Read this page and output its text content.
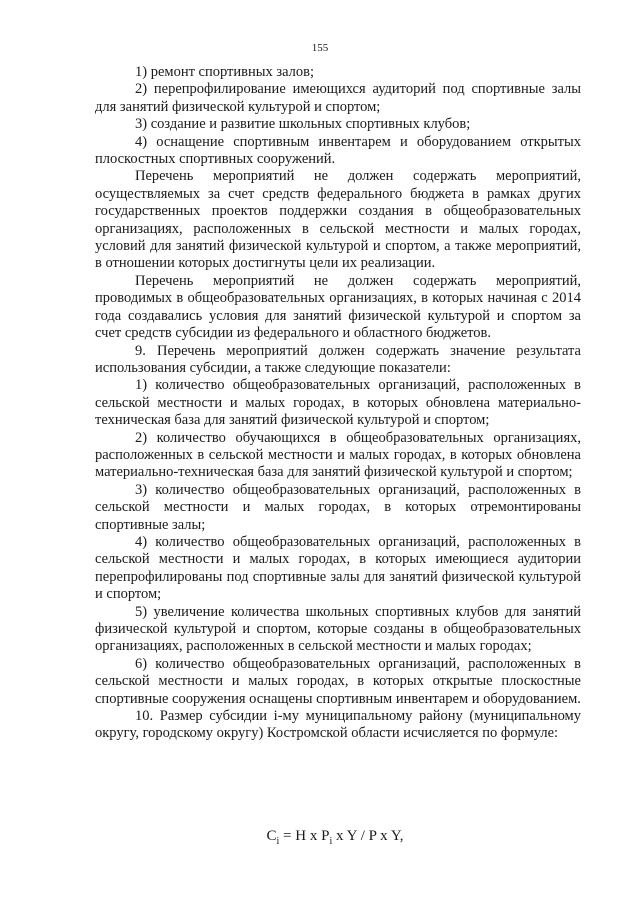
155

1) ремонт спортивных залов;

2) перепрофилирование имеющихся аудиторий под спортивные залы для занятий физической культурой и спортом;

3) создание и развитие школьных спортивных клубов;

4) оснащение спортивным инвентарем и оборудованием открытых плоскостных спортивных сооружений.

Перечень мероприятий не должен содержать мероприятий, осуществляемых за счет средств федерального бюджета в рамках других государственных проектов поддержки создания в общеобразовательных организациях, расположенных в сельской местности и малых городах, условий для занятий физической культурой и спортом, а также мероприятий, в отношении которых достигнуты цели их реализации.

Перечень мероприятий не должен содержать мероприятий, проводимых в общеобразовательных организациях, в которых начиная с 2014 года создавались условия для занятий физической культурой и спортом за счет средств субсидии из федерального и областного бюджетов.

9. Перечень мероприятий должен содержать значение результата использования субсидии, а также следующие показатели:

1) количество общеобразовательных организаций, расположенных в сельской местности и малых городах, в которых обновлена материально-техническая база для занятий физической культурой и спортом;

2) количество обучающихся в общеобразовательных организациях, расположенных в сельской местности и малых городах, в которых обновлена материально-техническая база для занятий физической культурой и спортом;

3) количество общеобразовательных организаций, расположенных в сельской местности и малых городах, в которых отремонтированы спортивные залы;

4) количество общеобразовательных организаций, расположенных в сельской местности и малых городах, в которых имеющиеся аудитории перепрофилированы под спортивные залы для занятий физической культурой и спортом;

5) увеличение количества школьных спортивных клубов для занятий физической культурой и спортом, которые созданы в общеобразовательных организациях, расположенных в сельской местности и малых городах;

6) количество общеобразовательных организаций, расположенных в сельской местности и малых городах, в которых открытые плоскостные спортивные сооружения оснащены спортивным инвентарем и оборудованием.

10. Размер субсидии i-му муниципальному району (муниципальному округу, городскому округу) Костромской области исчисляется по формуле:

$C_i = H$ x $P_i$ x Y / P x Y,
